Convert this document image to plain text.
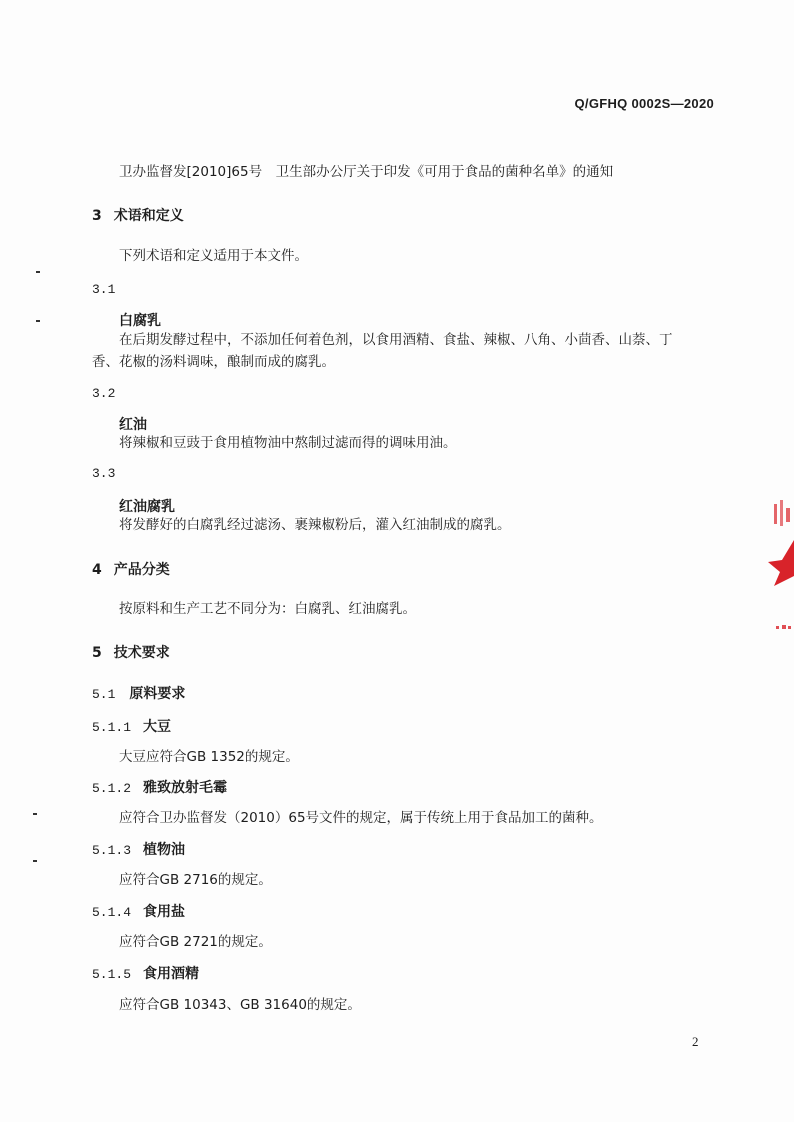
Q/GFHQ 0002S—2020
卫办监督发[2010]65号　卫生部办公厅关于印发《可用于食品的菌种名单》的通知
3 术语和定义
下列术语和定义适用于本文件。
3.1
白腐乳
在后期发酵过程中，不添加任何着色剂，以食用酒精、食盐、辣椒、八角、小茴香、山萘、丁香、花椒的汤料调味，酿制而成的腐乳。
3.2
红油
将辣椒和豆豉于食用植物油中熬制过滤而得的调味用油。
3.3
红油腐乳
将发酵好的白腐乳经过滤汤、裹辣椒粉后，灌入红油制成的腐乳。
4 产品分类
按原料和生产工艺不同分为：白腐乳、红油腐乳。
5 技术要求
5.1 原料要求
5.1.1 大豆
大豆应符合GB 1352的规定。
5.1.2 雅致放射毛霉
应符合卫办监督发（2010）65号文件的规定，属于传统上用于食品加工的菌种。
5.1.3 植物油
应符合GB 2716的规定。
5.1.4 食用盐
应符合GB 2721的规定。
5.1.5 食用酒精
应符合GB 10343、GB 31640的规定。
2
